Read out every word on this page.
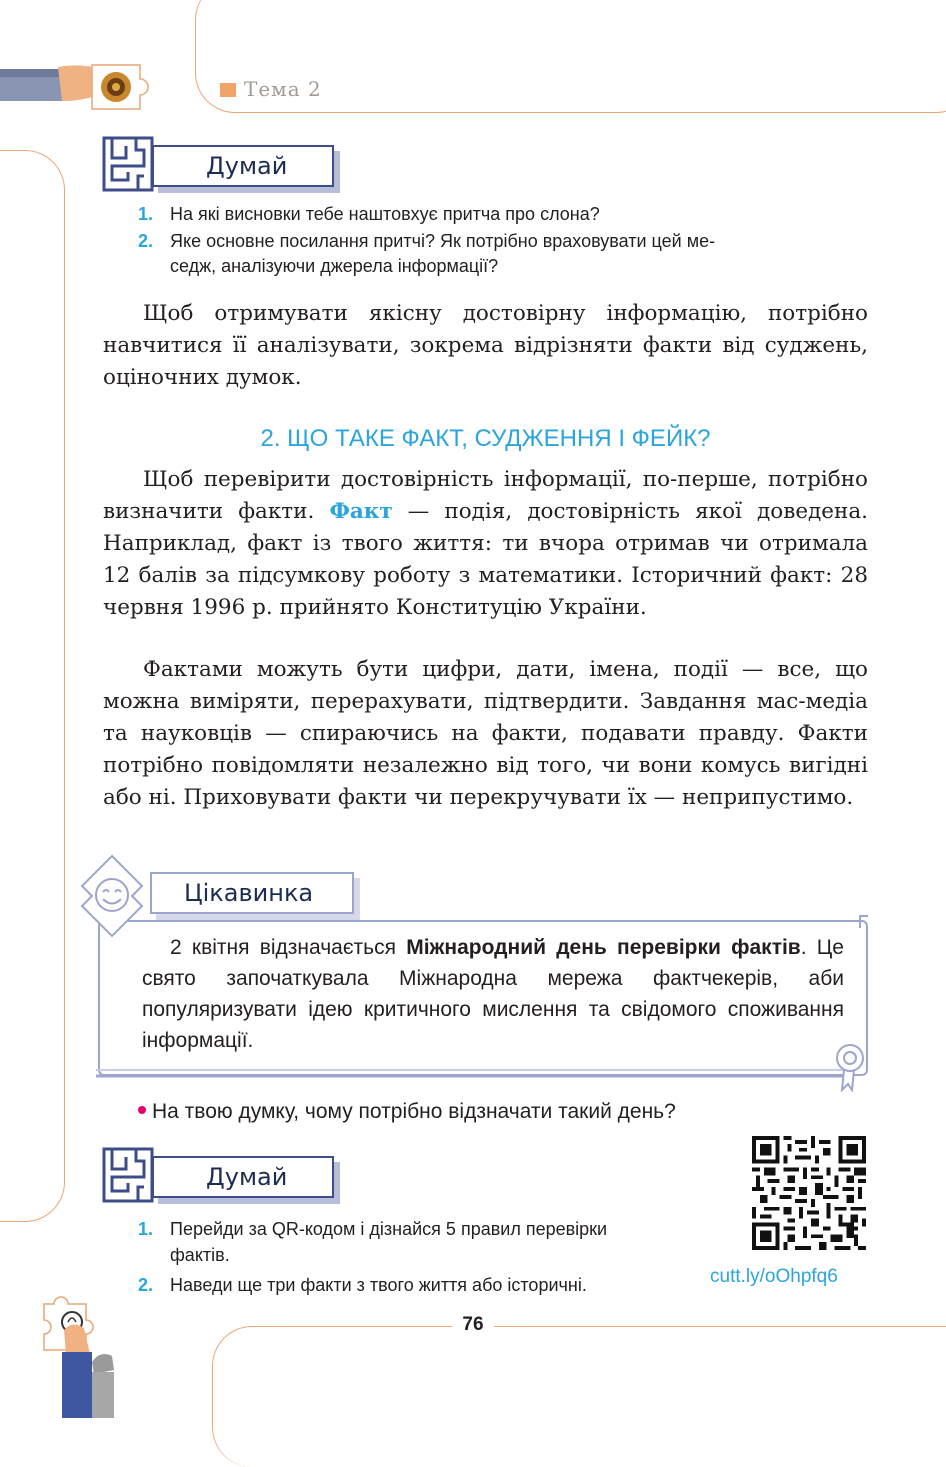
Тема 2
Думай
1. На які висновки тебе наштовхує притча про слона?
2. Яке основне посилання притчі? Як потрібно враховувати цей ме-
седж, аналізуючи джерела інформації?
Щоб отримувати якісну достовірну інформацію, потрібно навчитися її аналізувати, зокрема відрізняти факти від суджень, оціночних думок.
2. ЩО ТАКЕ ФАКТ, СУДЖЕННЯ І ФЕЙК?
Щоб перевірити достовірність інформації, по-перше, потрібно визначити факти. Факт — подія, достовірність якої доведена. Наприклад, факт із твого життя: ти вчора отримав чи отримала 12 балів за підсумкову роботу з математики. Історичний факт: 28 червня 1996 р. прийнято Конституцію України.
Фактами можуть бути цифри, дати, імена, події — все, що можна виміряти, перерахувати, підтвердити. Завдання мас-медіа та науковців — спираючись на факти, подавати правду. Факти потрібно повідомляти незалежно від того, чи вони комусь вигідні або ні. Приховувати факти чи перекручувати їх — неприпустимо.
Цікавинка
2 квітня відзначається Міжнародний день перевірки фактів. Це свято започаткувала Міжнародна мережа фактчекерів, аби популяризувати ідею критичного мислення та свідомого споживання інформації.
На твою думку, чому потрібно відзначати такий день?
Думай
1. Перейди за QR-кодом і дізнайся 5 правил перевірки
фактів.
2. Наведи ще три факти з твого життя або історичні.	cutt.ly/oOhpfq6
76
